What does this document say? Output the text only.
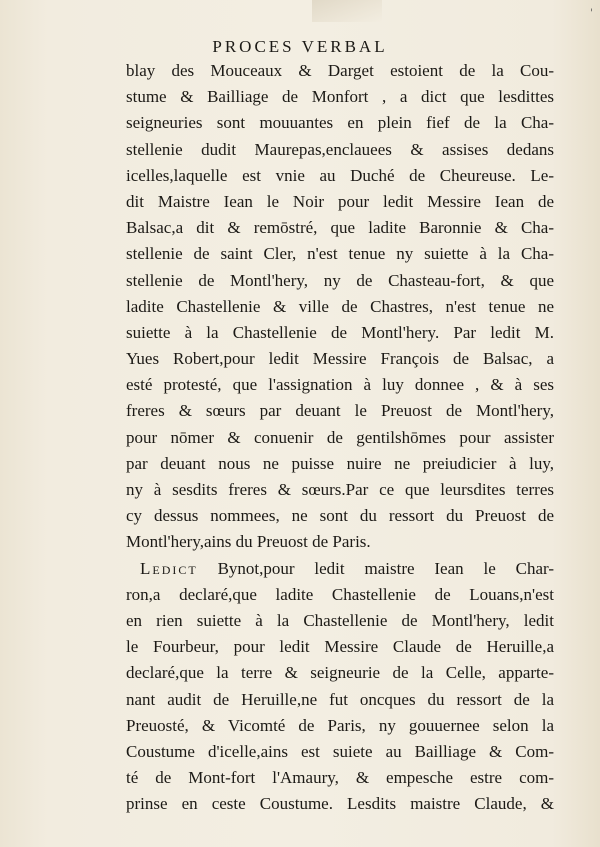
'
PROCES VERBAL
blay des Mouceaux & Darget estoient de la Cou-
stume & Bailliage de Monfort , a dict que lesdittes
seigneuries sont mouuantes en plein fief de la Cha-
stellenie dudit Maurepas,enclauees & assises dedans
icelles,laquelle est vnie au Duché de Cheureuse. Le-
dit Maistre Iean le Noir pour ledit Messire Iean de
Balsac,a dit & remōstré, que ladite Baronnie & Cha-
stellenie de saint Cler, n'est tenue ny suiette à la Cha-
stellenie de Montl'hery, ny de Chasteau-fort, & que
ladite Chastellenie & ville de Chastres, n'est tenue ne
suiette à la Chastellenie de Montl'hery. Par ledit M.
Yues Robert,pour ledit Messire François de Balsac, a
esté protesté, que l'assignation à luy donnee , & à ses
freres & sœurs par deuant le Preuost de Montl'hery,
pour nōmer & conuenir de gentilshōmes pour assister
par deuant nous ne puisse nuire ne preiudicier à luy,
ny à sesdits freres & sœurs.Par ce que leursdites terres
cy dessus nommees, ne sont du ressort du Preuost de
Montl'hery,ains du Preuost de Paris.
Ledict Bynot,pour ledit maistre Iean le Char-
ron,a declaré,que ladite Chastellenie de Louans,n'est
en rien suiette à la Chastellenie de Montl'hery, ledit
le Fourbeur, pour ledit Messire Claude de Heruille,a
declaré,que la terre & seigneurie de la Celle, apparte-
nant audit de Heruille,ne fut oncques du ressort de la
Preuosté, & Vicomté de Paris, ny gouuernee selon la
Coustume d'icelle,ains est suiete au Bailliage & Com-
té de Mont-fort l'Amaury, & empesche estre com-
prinse en ceste Coustume. Lesdits maistre Claude, &
